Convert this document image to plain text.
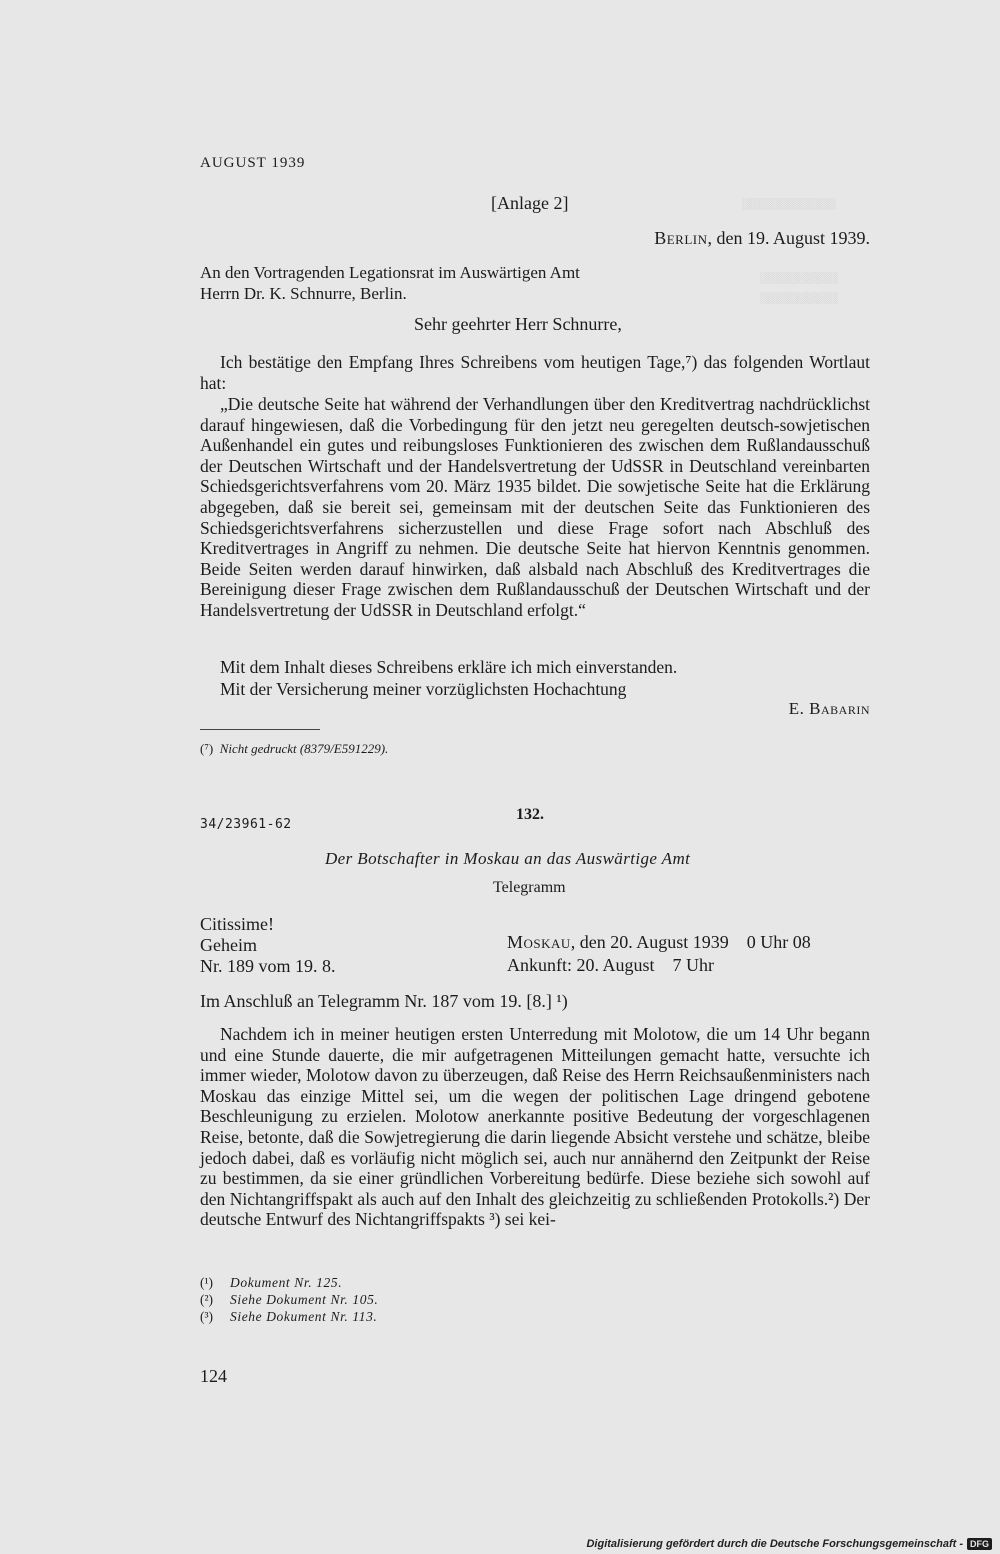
░░░░░░░░░░░░
░░░░░░░░░░
░░░░░░░░░░
AUGUST 1939
[Anlage 2]
Berlin, den 19. August 1939.
An den Vortragenden Legationsrat im Auswärtigen Amt
Herrn Dr. K. Schnurre, Berlin.
Sehr geehrter Herr Schnurre,
Ich bestätige den Empfang Ihres Schreibens vom heutigen Tage,⁷) das folgenden Wortlaut hat:
„Die deutsche Seite hat während der Verhandlungen über den Kreditvertrag nachdrücklichst darauf hingewiesen, daß die Vorbedingung für den jetzt neu geregelten deutsch-sowjetischen Außenhandel ein gutes und reibungsloses Funktionieren des zwischen dem Rußlandausschuß der Deutschen Wirtschaft und der Handelsvertretung der UdSSR in Deutschland vereinbarten Schiedsgerichtsverfahrens vom 20. März 1935 bildet. Die sowjetische Seite hat die Erklärung abgegeben, daß sie bereit sei, gemeinsam mit der deutschen Seite das Funktionieren des Schiedsgerichtsverfahrens sicherzustellen und diese Frage sofort nach Abschluß des Kreditvertrages in Angriff zu nehmen. Die deutsche Seite hat hiervon Kenntnis genommen. Beide Seiten werden darauf hinwirken, daß alsbald nach Abschluß des Kreditvertrages die Bereinigung dieser Frage zwischen dem Rußlandausschuß der Deutschen Wirtschaft und der Handelsvertretung der UdSSR in Deutschland erfolgt.“
Mit dem Inhalt dieses Schreibens erkläre ich mich einverstanden.
Mit der Versicherung meiner vorzüglichsten Hochachtung
E. Babarin
(⁷) Nicht gedruckt (8379/E591229).
34/23961-62
132.
Der Botschafter in Moskau an das Auswärtige Amt
Telegramm
Citissime!
Geheim
Nr. 189 vom 19. 8.
Moskau, den 20. August 1939    0 Uhr 08
Ankunft: 20. August    7 Uhr
Im Anschluß an Telegramm Nr. 187 vom 19. [8.] ¹)
Nachdem ich in meiner heutigen ersten Unterredung mit Molotow, die um 14 Uhr begann und eine Stunde dauerte, die mir aufgetragenen Mitteilungen gemacht hatte, versuchte ich immer wieder, Molotow davon zu überzeugen, daß Reise des Herrn Reichsaußenministers nach Moskau das einzige Mittel sei, um die wegen der politischen Lage dringend gebotene Beschleunigung zu erzielen. Molotow anerkannte positive Bedeutung der vorgeschlagenen Reise, betonte, daß die Sowjetregierung die darin liegende Absicht verstehe und schätze, bleibe jedoch dabei, daß es vorläufig nicht möglich sei, auch nur annähernd den Zeitpunkt der Reise zu bestimmen, da sie einer gründlichen Vorbereitung bedürfe. Diese beziehe sich sowohl auf den Nichtangriffspakt als auch auf den Inhalt des gleichzeitig zu schließenden Protokolls.²) Der deutsche Entwurf des Nichtangriffspakts ³) sei kei-
(¹) Dokument Nr. 125.
(²) Siehe Dokument Nr. 105.
(³) Siehe Dokument Nr. 113.
124
Digitalisierung gefördert durch die Deutsche Forschungsgemeinschaft - DFG
